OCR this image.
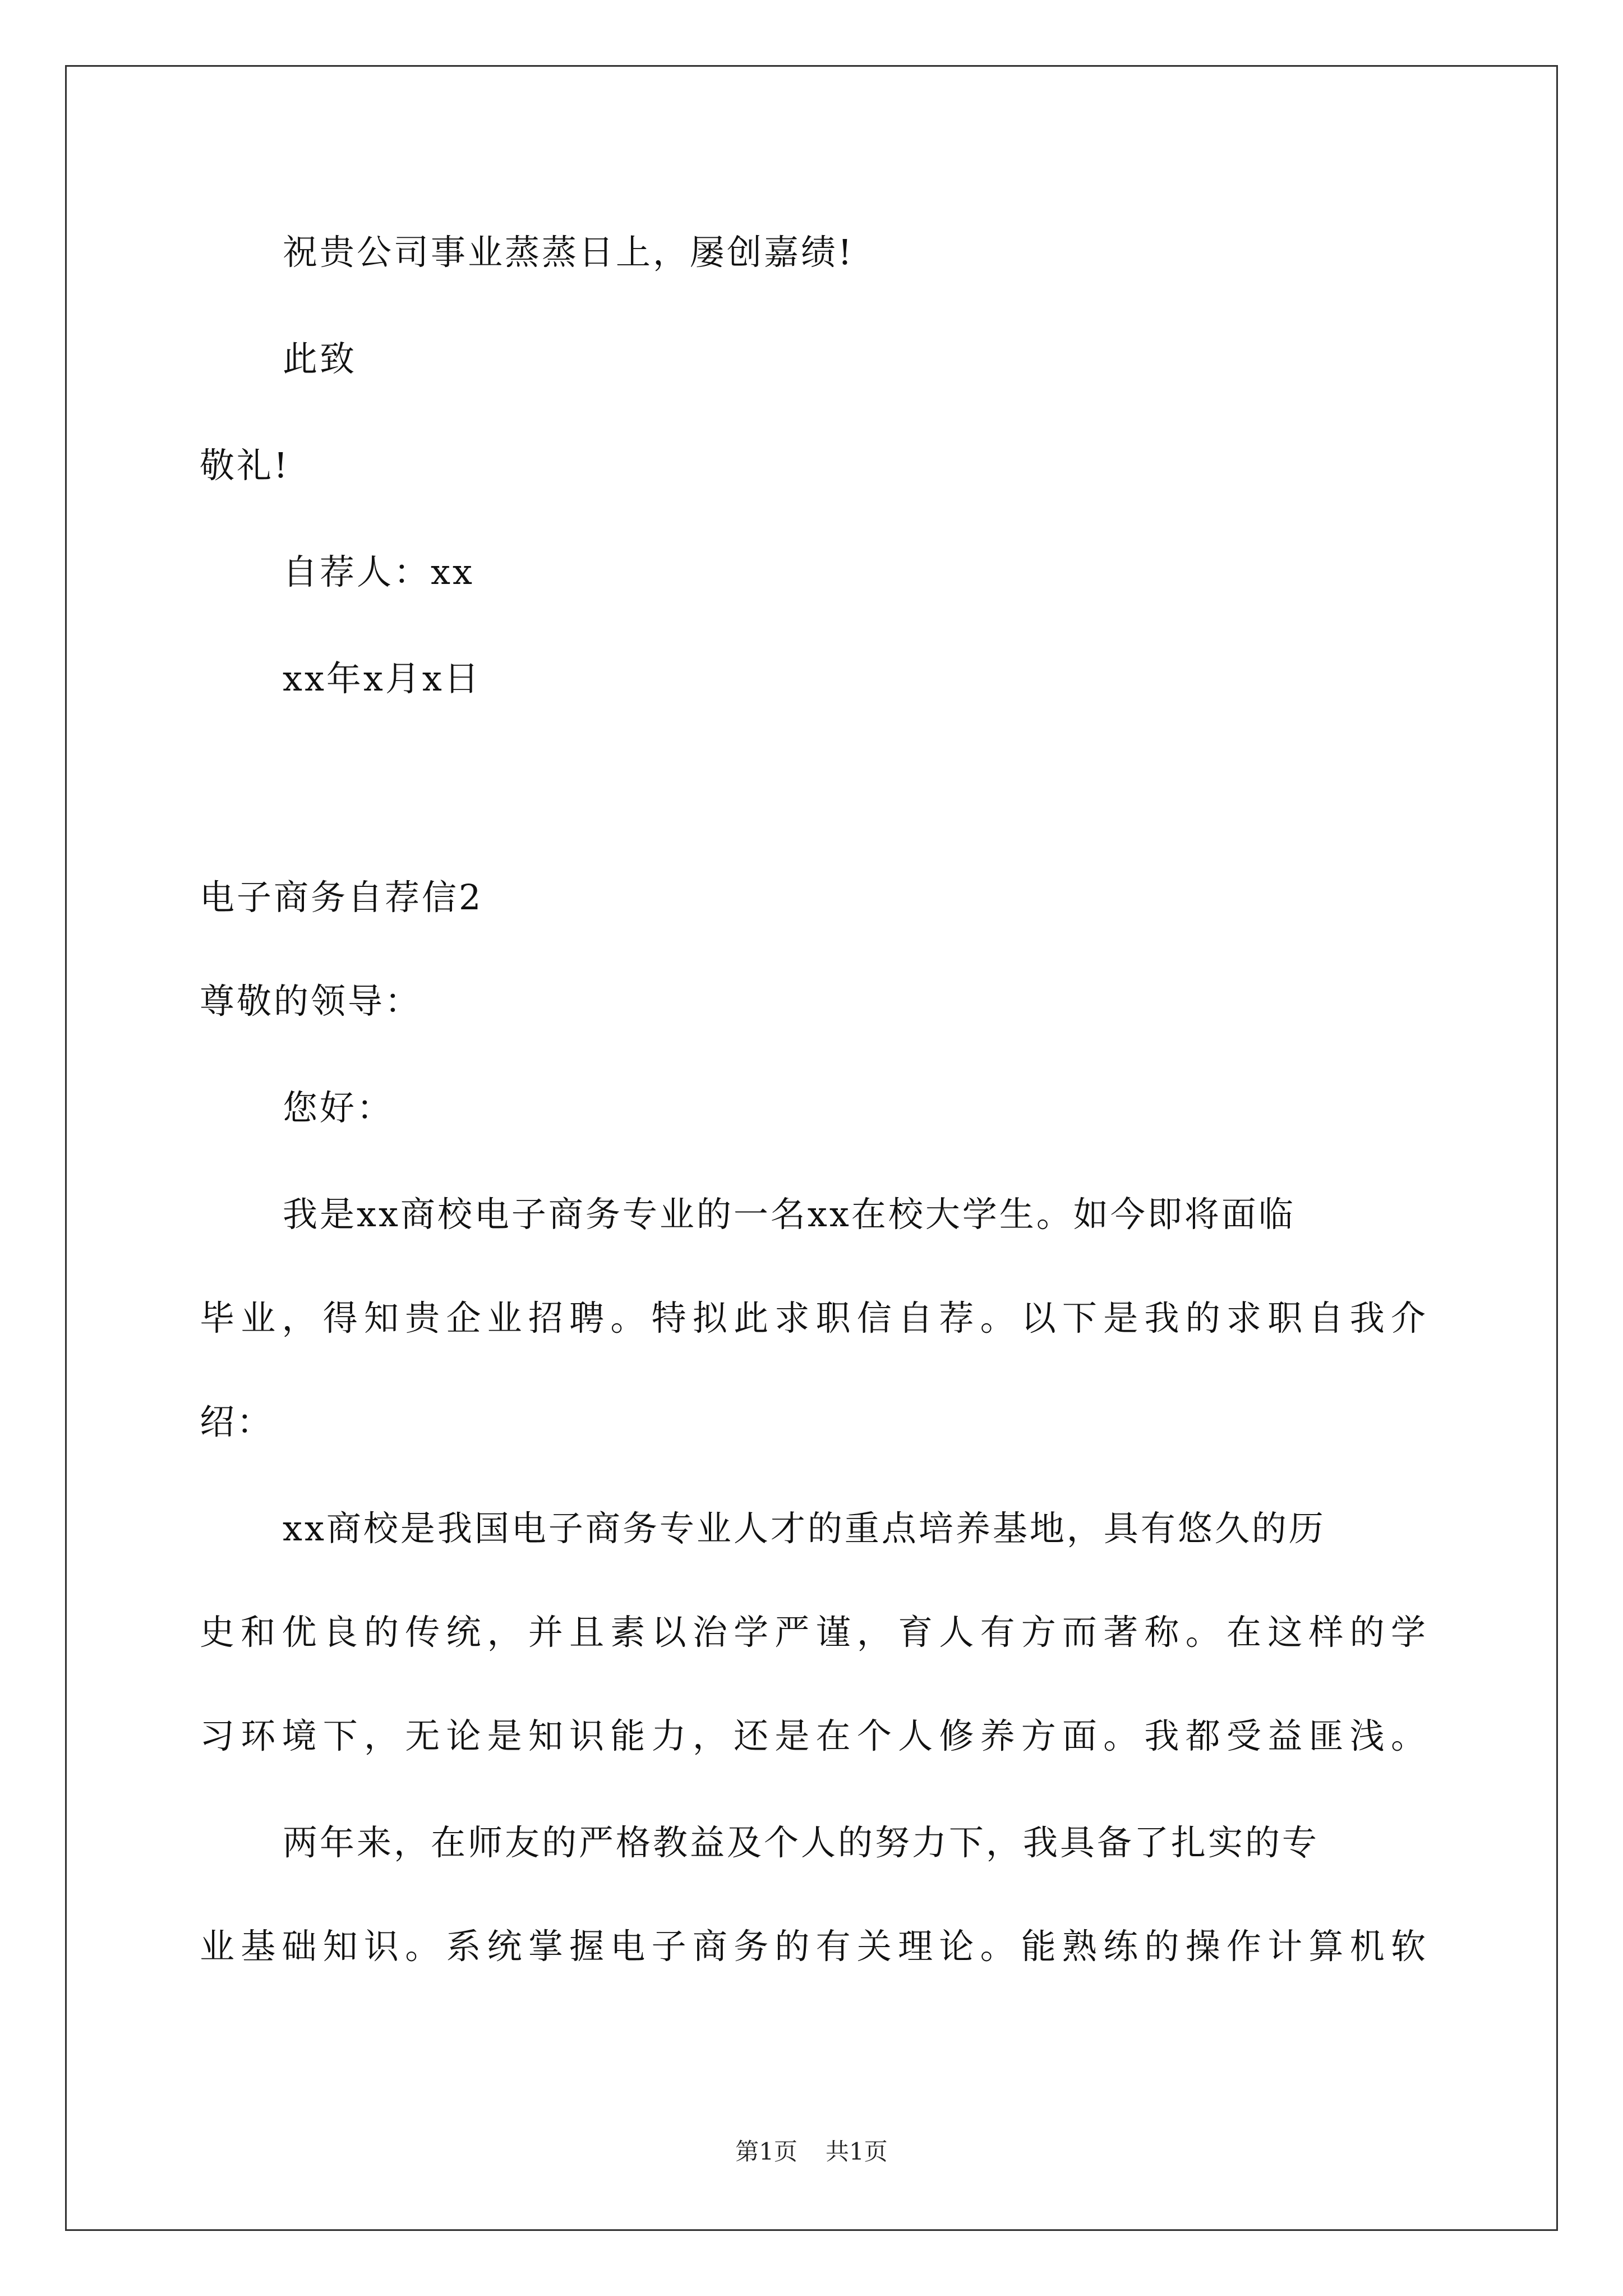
祝贵公司事业蒸蒸日上，屡创嘉绩!
此致
敬礼!
自荐人：xx
xx年x月x日
电子商务自荐信2
尊敬的领导：
您好：
我是xx商校电子商务专业的一名xx在校大学生。如今即将面临
毕业，得知贵企业招聘。特拟此求职信自荐。以下是我的求职自我介
绍：
xx商校是我国电子商务专业人才的重点培养基地，具有悠久的历
史和优良的传统，并且素以治学严谨，育人有方而著称。在这样的学
习环境下，无论是知识能力，还是在个人修养方面。我都受益匪浅。
两年来，在师友的严格教益及个人的努力下，我具备了扎实的专
业基础知识。系统掌握电子商务的有关理论。能熟练的操作计算机软
第1页 共1页
